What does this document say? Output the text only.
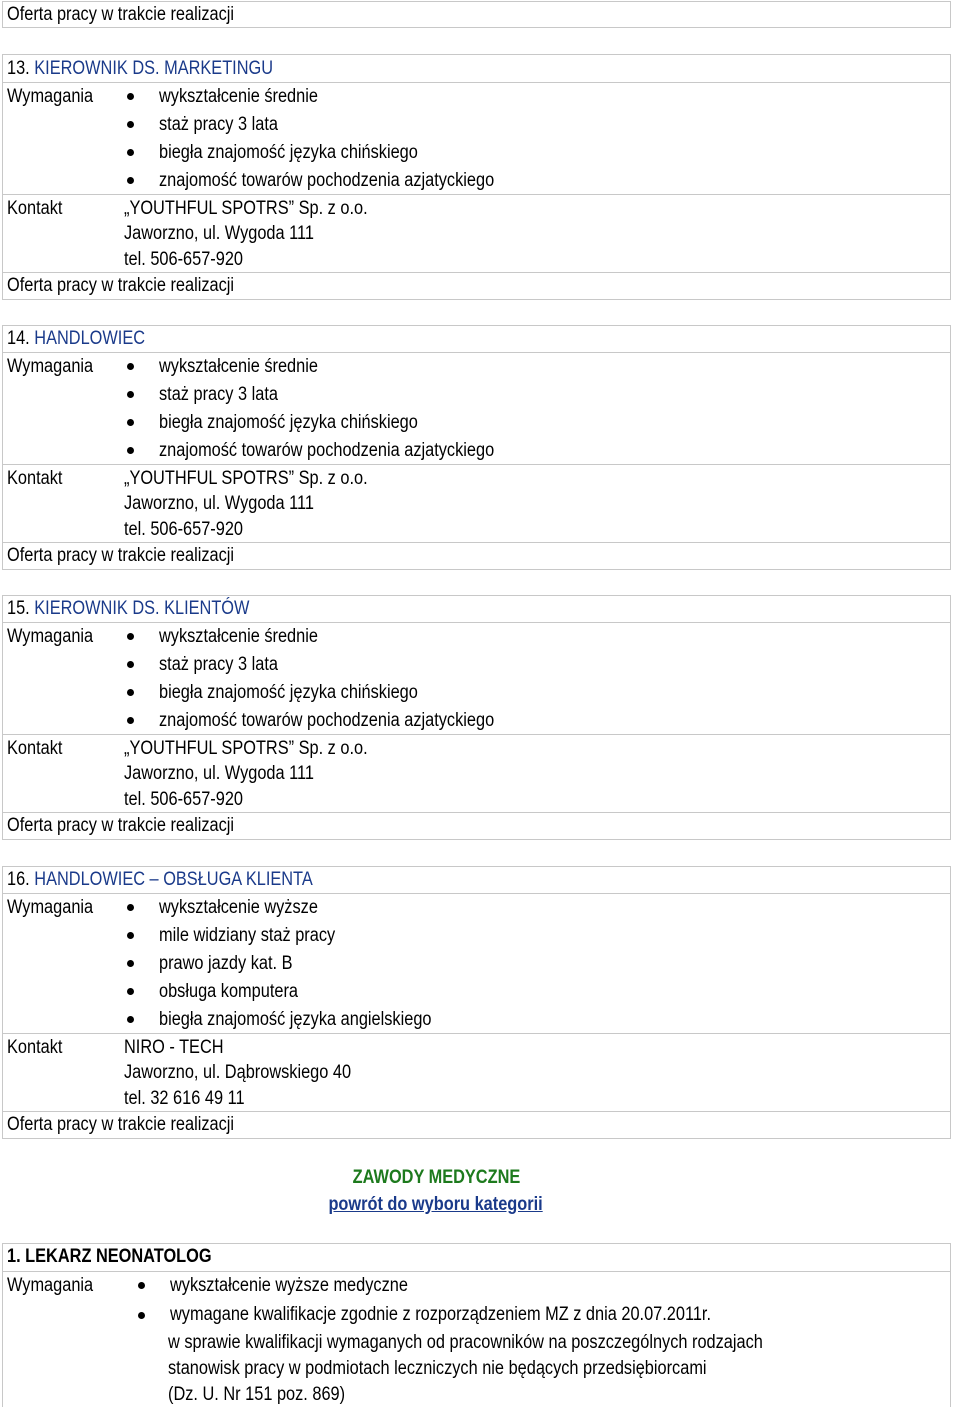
Oferta pracy w trakcie realizacji
13. KIEROWNIK DS. MARKETINGU
Wymagania	wykształcenie średnie
staż pracy 3 lata
biegła znajomość języka chińskiego
znajomość towarów pochodzenia azjatyckiego
Kontakt	„YOUTHFUL SPOTRS” Sp. z o.o.
Jaworzno, ul. Wygoda 111
tel. 506-657-920
Oferta pracy w trakcie realizacji
14. HANDLOWIEC
Wymagania	wykształcenie średnie
staż pracy 3 lata
biegła znajomość języka chińskiego
znajomość towarów pochodzenia azjatyckiego
Kontakt	„YOUTHFUL SPOTRS” Sp. z o.o.
Jaworzno, ul. Wygoda 111
tel. 506-657-920
Oferta pracy w trakcie realizacji
15. KIEROWNIK DS. KLIENTÓW
Wymagania	wykształcenie średnie
staż pracy 3 lata
biegła znajomość języka chińskiego
znajomość towarów pochodzenia azjatyckiego
Kontakt	„YOUTHFUL SPOTRS” Sp. z o.o.
Jaworzno, ul. Wygoda 111
tel. 506-657-920
Oferta pracy w trakcie realizacji
16. HANDLOWIEC – OBSŁUGA KLIENTA
Wymagania	wykształcenie wyższe
mile widziany staż pracy
prawo jazdy kat. B
obsługa komputera
biegła znajomość języka angielskiego
Kontakt	NIRO - TECH
Jaworzno, ul. Dąbrowskiego 40
tel. 32 616 49 11
Oferta pracy w trakcie realizacji
ZAWODY MEDYCZNE
powrót do wyboru kategorii
1. LEKARZ NEONATOLOG
Wymagania	wykształcenie wyższe medyczne
wymagane kwalifikacje zgodnie z rozporządzeniem MZ z dnia 20.07.2011r.
w sprawie kwalifikacji wymaganych od pracowników na poszczególnych rodzajach
stanowisk pracy w podmiotach leczniczych nie będących przedsiębiorcami
(Dz. U. Nr 151 poz. 869)
